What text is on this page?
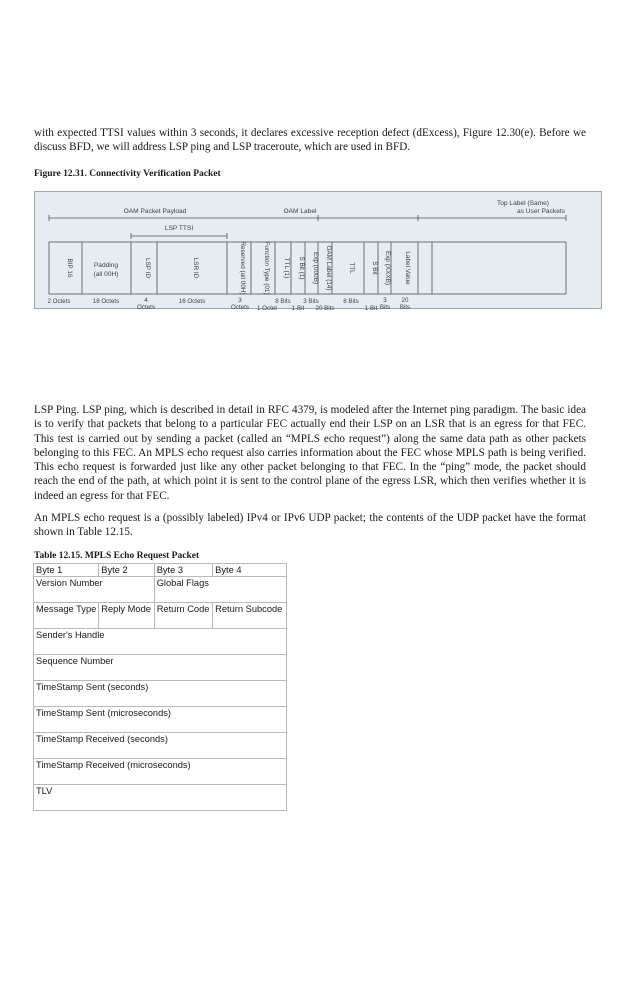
with expected TTSI values within 3 seconds, it declares excessive reception defect (dExcess), Figure 12.30(e). Before we discuss BFD, we will address LSP ping and LSP traceroute, which are used in BFD.

Figure 12.31. Connectivity Verification Packet
OAM Packet Payload
LSP TTSI
OAM Label
Top Label (Same)
as User Packets
BIP 16	Padding
(all 00H)	LSP ID	LSR ID	Reserved (all 00H)	Function Type (01) TTL (1) S Bit (1) Exp (000B) OAM Label (14)	TTL	S Bit Exp (XXXB) Label Value
2 Octets	18 Octets	4
Octets
16 Octets	3
Octets 1 Octet
8 Bits
1 Bit
3 Bits
20 Bits
8 Bits
1 Bit
3
Bits
20
Bits

LSP Ping. LSP ping, which is described in detail in RFC 4379, is modeled after the Internet ping paradigm. The basic idea is to verify that packets that belong to a particular FEC actually end their LSP on an LSR that is an egress for that FEC. This test is carried out by sending a packet (called an “MPLS echo request”) along the same data path as other packets belonging to this FEC. An MPLS echo request also carries information about the FEC whose MPLS path is being verified. This echo request is forwarded just like any other packet belonging to that FEC. In the “ping” mode, the packet should reach the end of the path, at which point it is sent to the control plane of the egress LSR, which then verifies whether it is indeed an egress for that FEC.

An MPLS echo request is a (possibly labeled) IPv4 or IPv6 UDP packet; the contents of the UDP packet have the format shown in Table 12.15.

Table 12.15. MPLS Echo Request Packet
Byte 1	Byte 2	Byte 3	Byte 4
Version Number		Global Flags	
Message Type	Reply Mode	Return Code	Return Subcode
Sender's Handle			
Sequence Number			
TimeStamp Sent (seconds)			
TimeStamp Sent (microseconds)			
TimeStamp Received (seconds)			
TimeStamp Received (microseconds)			
TLV			
